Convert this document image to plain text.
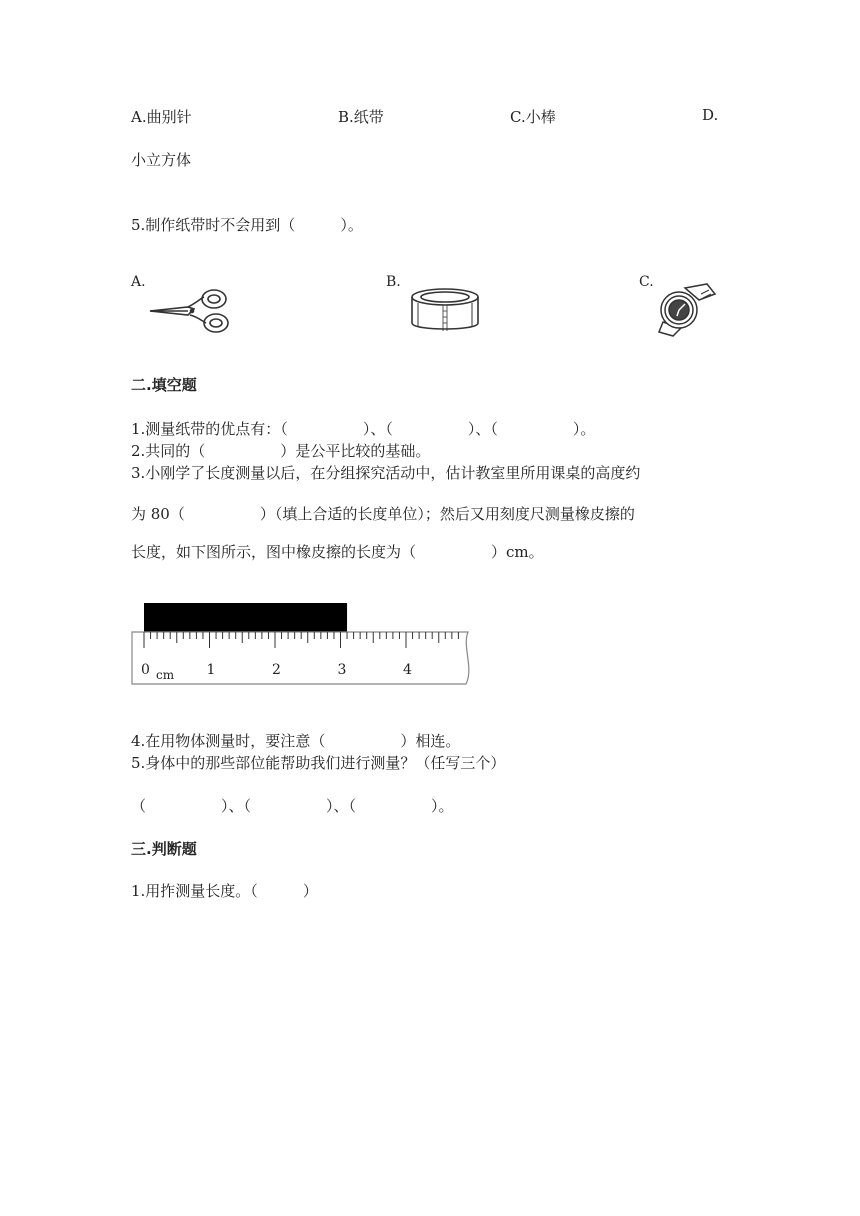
A.曲别针	B.纸带	C.小棒	D.
小立方体
5.制作纸带时不会用到（　　　）。
A.	B.	C.
二.填空题
1.测量纸带的优点有：（　　　　　）、（　　　　　）、（　　　　　）。
2.共同的（　　　　　）是公平比较的基础。
3.小刚学了长度测量以后，在分组探究活动中，估计教室里所用课桌的高度约
为 80（　　　　　）（填上合适的长度单位）；然后又用刻度尺测量橡皮擦的
长度，如下图所示，图中橡皮擦的长度为（　　　　　）cm。
0	1	2	3	4
cm
4.在用物体测量时，要注意（　　　　　）相连。
5.身体中的那些部位能帮助我们进行测量？（任写三个）
（　　　　　）、（　　　　　）、（　　　　　）。
三.判断题
1.用拃测量长度。（　　　）
